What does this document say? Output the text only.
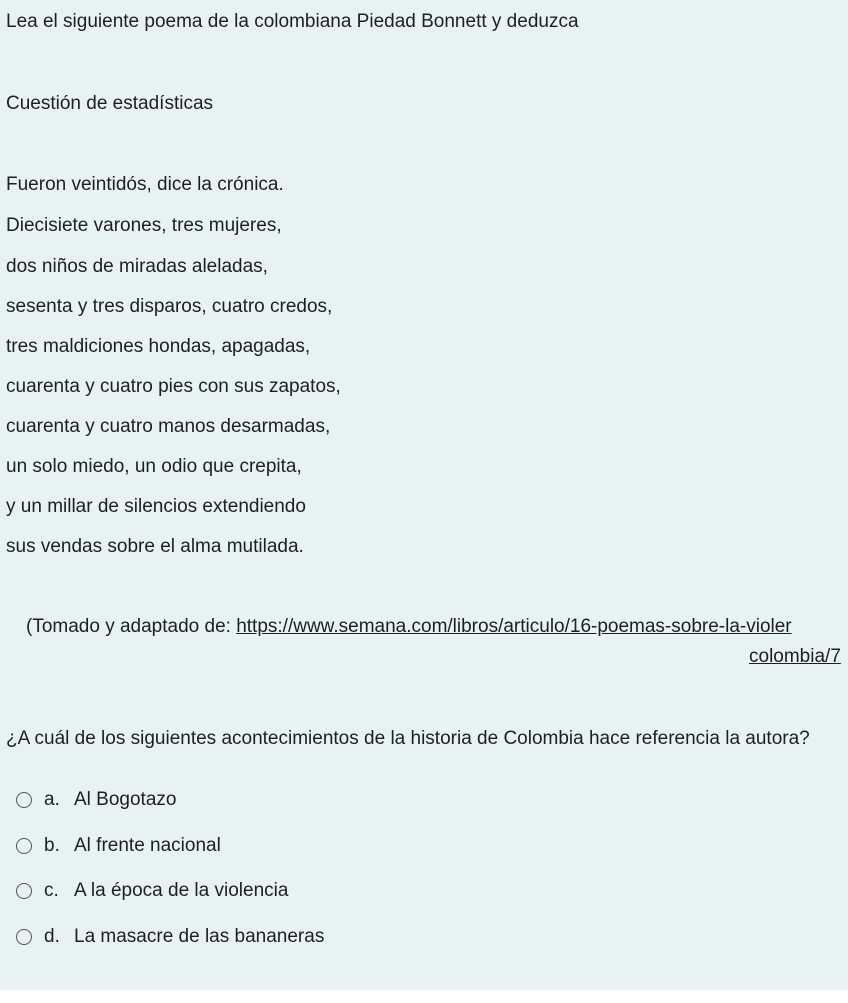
Lea el siguiente poema de la colombiana Piedad Bonnett y deduzca
Cuestión de estadísticas
Fueron veintidós, dice la crónica.
Diecisiete varones, tres mujeres,
dos niños de miradas aleladas,
sesenta y tres disparos, cuatro credos,
tres maldiciones hondas, apagadas,
cuarenta y cuatro pies con sus zapatos,
cuarenta y cuatro manos desarmadas,
un solo miedo, un odio que crepita,
y un millar de silencios extendiendo
sus vendas sobre el alma mutilada.
(Tomado y adaptado de: https://www.semana.com/libros/articulo/16-poemas-sobre-la-violer
colombia/7
¿A cuál de los siguientes acontecimientos de la historia de Colombia hace referencia la autora?
a. Al Bogotazo
b. Al frente nacional
c. A la época de la violencia
d. La masacre de las bananeras
